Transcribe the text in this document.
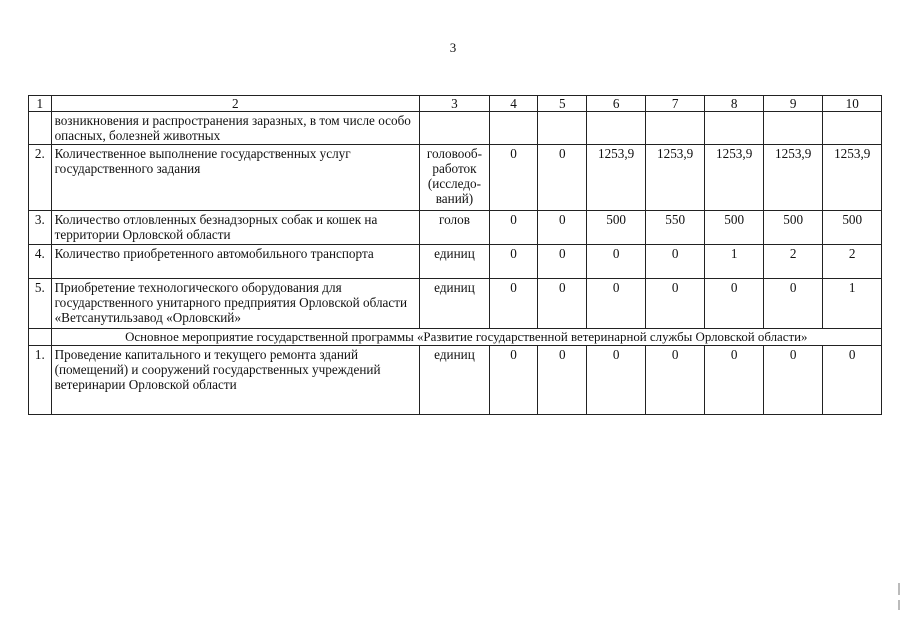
3
1	2	3	4	5	6	7	8	9	10
	возникновения и распространения заразных, в том числе особо опасных, болезней животных								
2.	Количественное выполнение государственных услуг государственного задания	головооб-работок (исследо-ваний)	0	0	1253,9	1253,9	1253,9	1253,9	1253,9
3.	Количество отловленных безнадзорных собак и кошек на территории Орловской области	голов	0	0	500	550	500	500	500
4.	Количество приобретенного автомобильного транспорта	единиц	0	0	0	0	1	2	2
5.	Приобретение технологического оборудования для государственного унитарного предприятия Орловской области «Ветсанутильзавод «Орловский»	единиц	0	0	0	0	0	0	1
	Основное мероприятие государственной программы «Развитие государственной ветеринарной службы Орловской области»								
1.	Проведение капитального и текущего ремонта зданий (помещений) и сооружений государственных учреждений ветеринарии Орловской области	единиц	0	0	0	0	0	0	0
